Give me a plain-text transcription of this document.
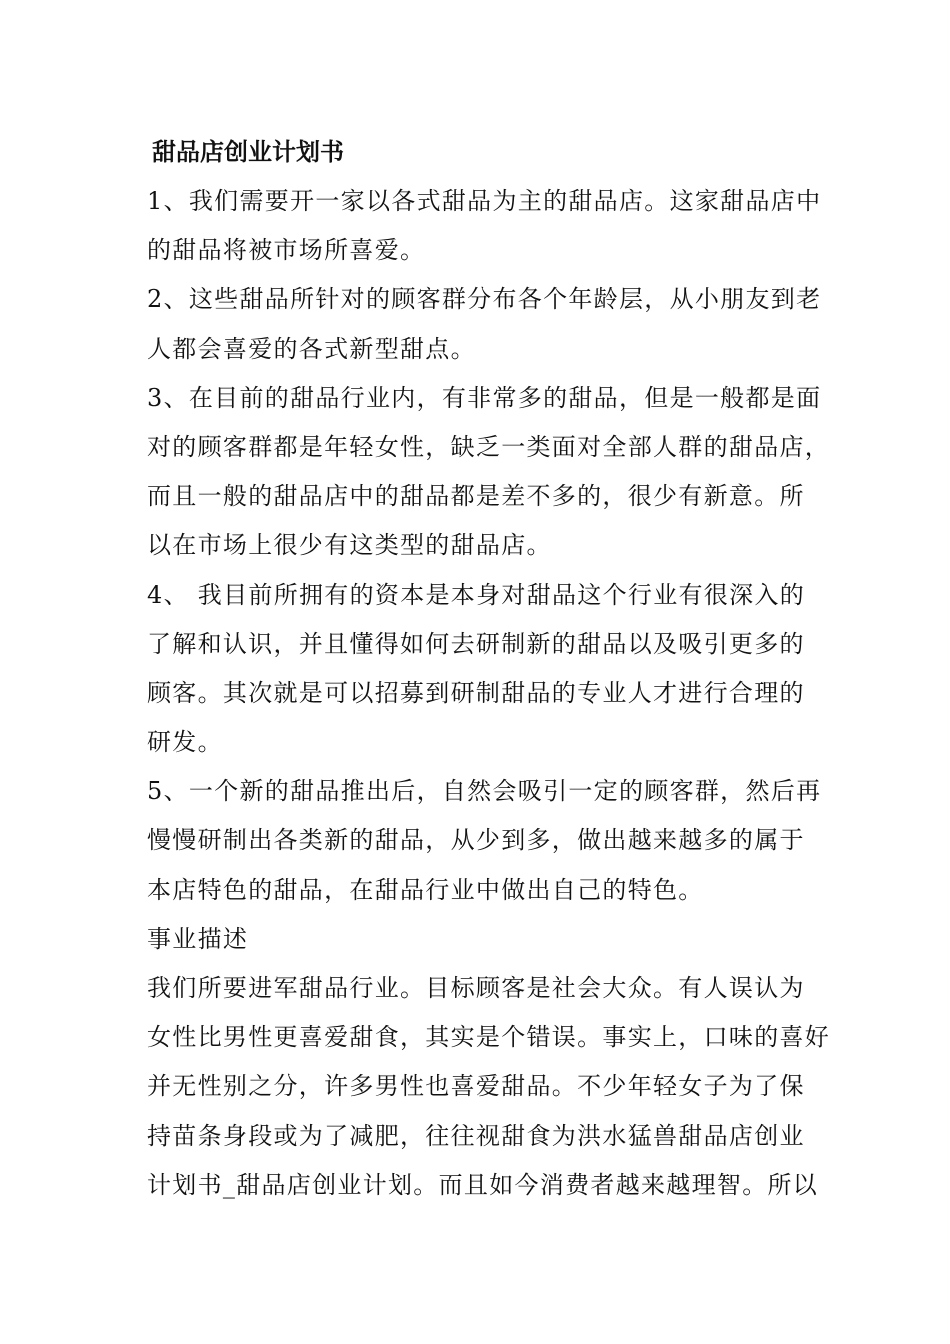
甜品店创业计划书
1、我们需要开一家以各式甜品为主的甜品店。这家甜品店中
的甜品将被市场所喜爱。
2、这些甜品所针对的顾客群分布各个年龄层，从小朋友到老
人都会喜爱的各式新型甜点。
3、在目前的甜品行业内，有非常多的甜品，但是一般都是面
对的顾客群都是年轻女性，缺乏一类面对全部人群的甜品店，
而且一般的甜品店中的甜品都是差不多的，很少有新意。所
以在市场上很少有这类型的甜品店。
4、 我目前所拥有的资本是本身对甜品这个行业有很深入的
了解和认识，并且懂得如何去研制新的甜品以及吸引更多的
顾客。其次就是可以招募到研制甜品的专业人才进行合理的
研发。
5、一个新的甜品推出后，自然会吸引一定的顾客群，然后再
慢慢研制出各类新的甜品，从少到多，做出越来越多的属于
本店特色的甜品，在甜品行业中做出自己的特色。
事业描述
我们所要进军甜品行业。目标顾客是社会大众。有人误认为
女性比男性更喜爱甜食，其实是个错误。事实上，口味的喜好
并无性别之分，许多男性也喜爱甜品。不少年轻女子为了保
持苗条身段或为了减肥，往往视甜食为洪水猛兽甜品店创业
计划书_甜品店创业计划。而且如今消费者越来越理智。所以
